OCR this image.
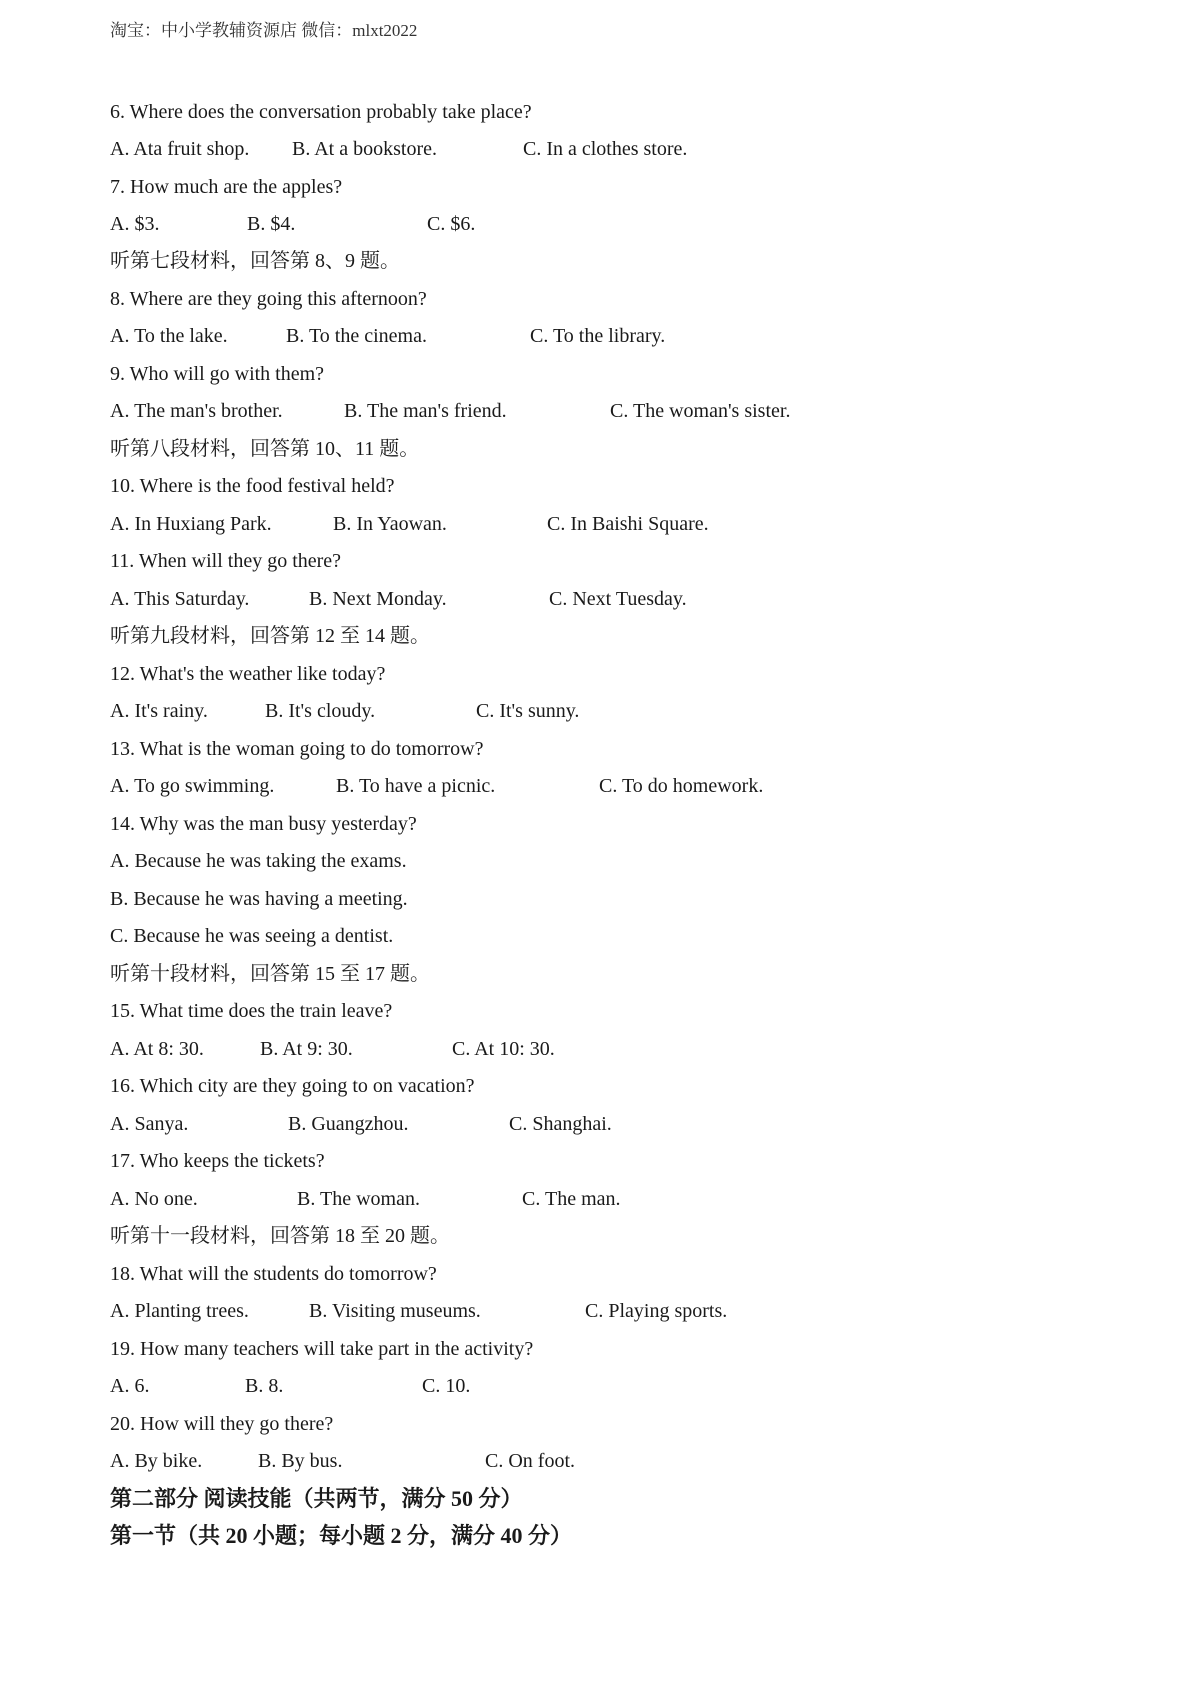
淘宝：中小学教辅资源店 微信：mlxt2022
6. Where does the conversation probably take place?
A. Ata fruit shop. B. At a bookstore.	C. In a clothes store.
7. How much are the apples?
A. $3.	B. $4.	C. $6.
听第七段材料，回答第 8、9 题。
8. Where are they going this afternoon?
A. To the lake.	B. To the cinema.	C. To the library.
9. Who will go with them?
A. The man's brother.	B. The man's friend.	C. The woman's sister.
听第八段材料，回答第 10、11 题。
10. Where is the food festival held?
A. In Huxiang Park.	B. In Yaowan.	C. In Baishi Square.
11. When will they go there?
A. This Saturday.	B. Next Monday.	C. Next Tuesday.
听第九段材料，回答第 12 至 14 题。
12. What's the weather like today?
A. It's rainy.	B. It's cloudy.	C. It's sunny.
13. What is the woman going to do tomorrow?
A. To go swimming.	B. To have a picnic.	C. To do homework.
14. Why was the man busy yesterday?
A. Because he was taking the exams.
B. Because he was having a meeting.
C. Because he was seeing a dentist.
听第十段材料，回答第 15 至 17 题。
15. What time does the train leave?
A. At 8: 30.	B. At 9: 30.	C. At 10: 30.
16. Which city are they going to on vacation?
A. Sanya.	B. Guangzhou.	C. Shanghai.
17. Who keeps the tickets?
A. No one.	B. The woman.	C. The man.
听第十一段材料，回答第 18 至 20 题。
18. What will the students do tomorrow?
A. Planting trees.	B. Visiting museums.	C. Playing sports.
19. How many teachers will take part in the activity?
A. 6.	B. 8.	C. 10.
20. How will they go there?
A. By bike.	B. By bus.	C. On foot.
第二部分 阅读技能（共两节，满分 50 分）
第一节（共 20 小题；每小题 2 分，满分 40 分）
